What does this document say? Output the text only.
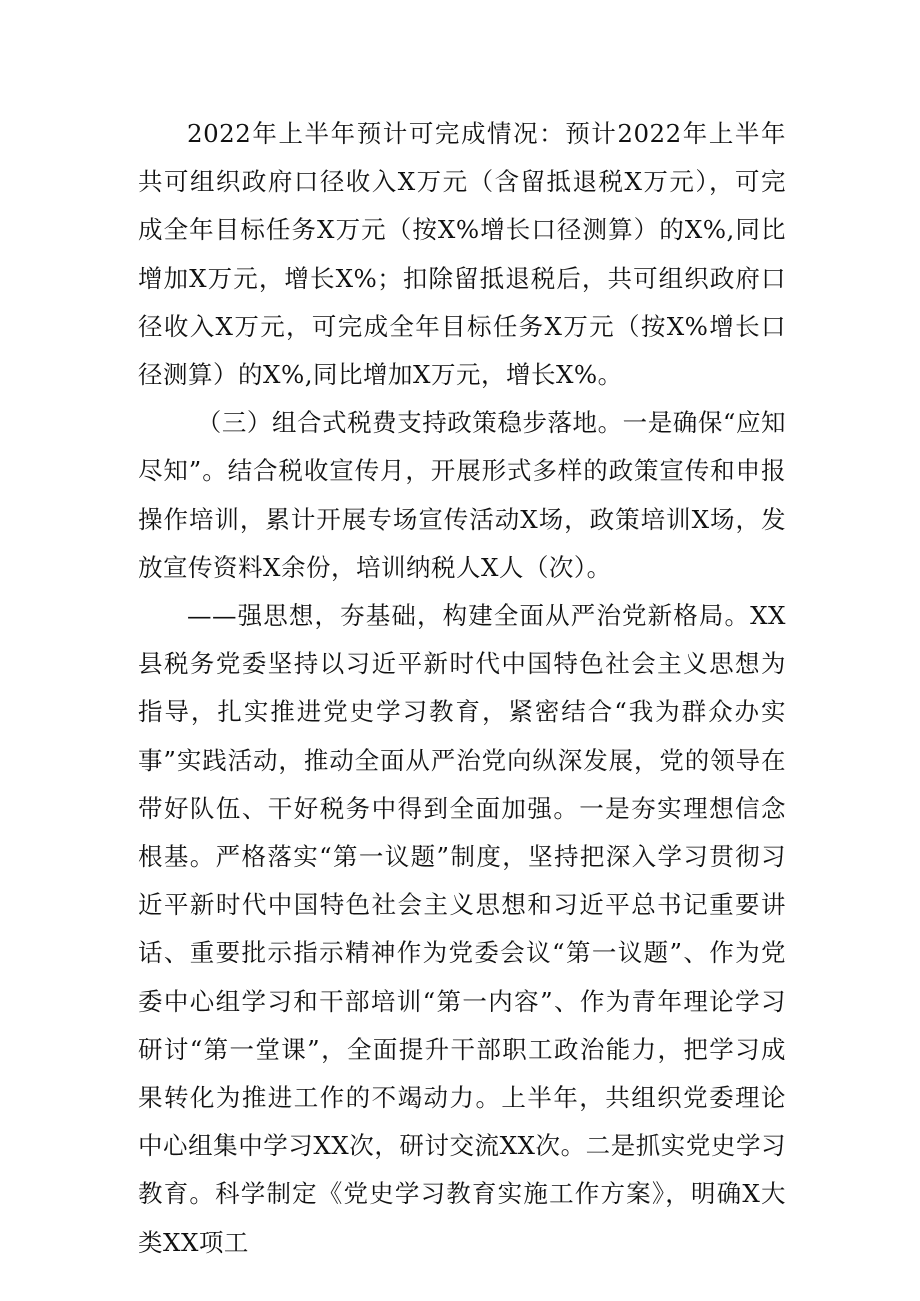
2022年上半年预计可完成情况：预计2022年上半年共可组织政府口径收入X万元（含留抵退税X万元），可完成全年目标任务X万元（按X%增长口径测算）的X%,同比增加X万元，增长X%；扣除留抵退税后，共可组织政府口径收入X万元，可完成全年目标任务X万元（按X%增长口径测算）的X%,同比增加X万元，增长X%。

（三）组合式税费支持政策稳步落地。一是确保“应知尽知”。结合税收宣传月，开展形式多样的政策宣传和申报操作培训，累计开展专场宣传活动X场，政策培训X场，发放宣传资料X余份，培训纳税人X人（次）。

——强思想，夯基础，构建全面从严治党新格局。XX县税务党委坚持以习近平新时代中国特色社会主义思想为指导，扎实推进党史学习教育，紧密结合“我为群众办实事”实践活动，推动全面从严治党向纵深发展，党的领导在带好队伍、干好税务中得到全面加强。一是夯实理想信念根基。严格落实“第一议题”制度，坚持把深入学习贯彻习近平新时代中国特色社会主义思想和习近平总书记重要讲话、重要批示指示精神作为党委会议“第一议题”、作为党委中心组学习和干部培训“第一内容”、作为青年理论学习研讨“第一堂课”，全面提升干部职工政治能力，把学习成果转化为推进工作的不竭动力。上半年，共组织党委理论中心组集中学习XX次，研讨交流XX次。二是抓实党史学习教育。科学制定《党史学习教育实施工作方案》，明确X大类XX项工
